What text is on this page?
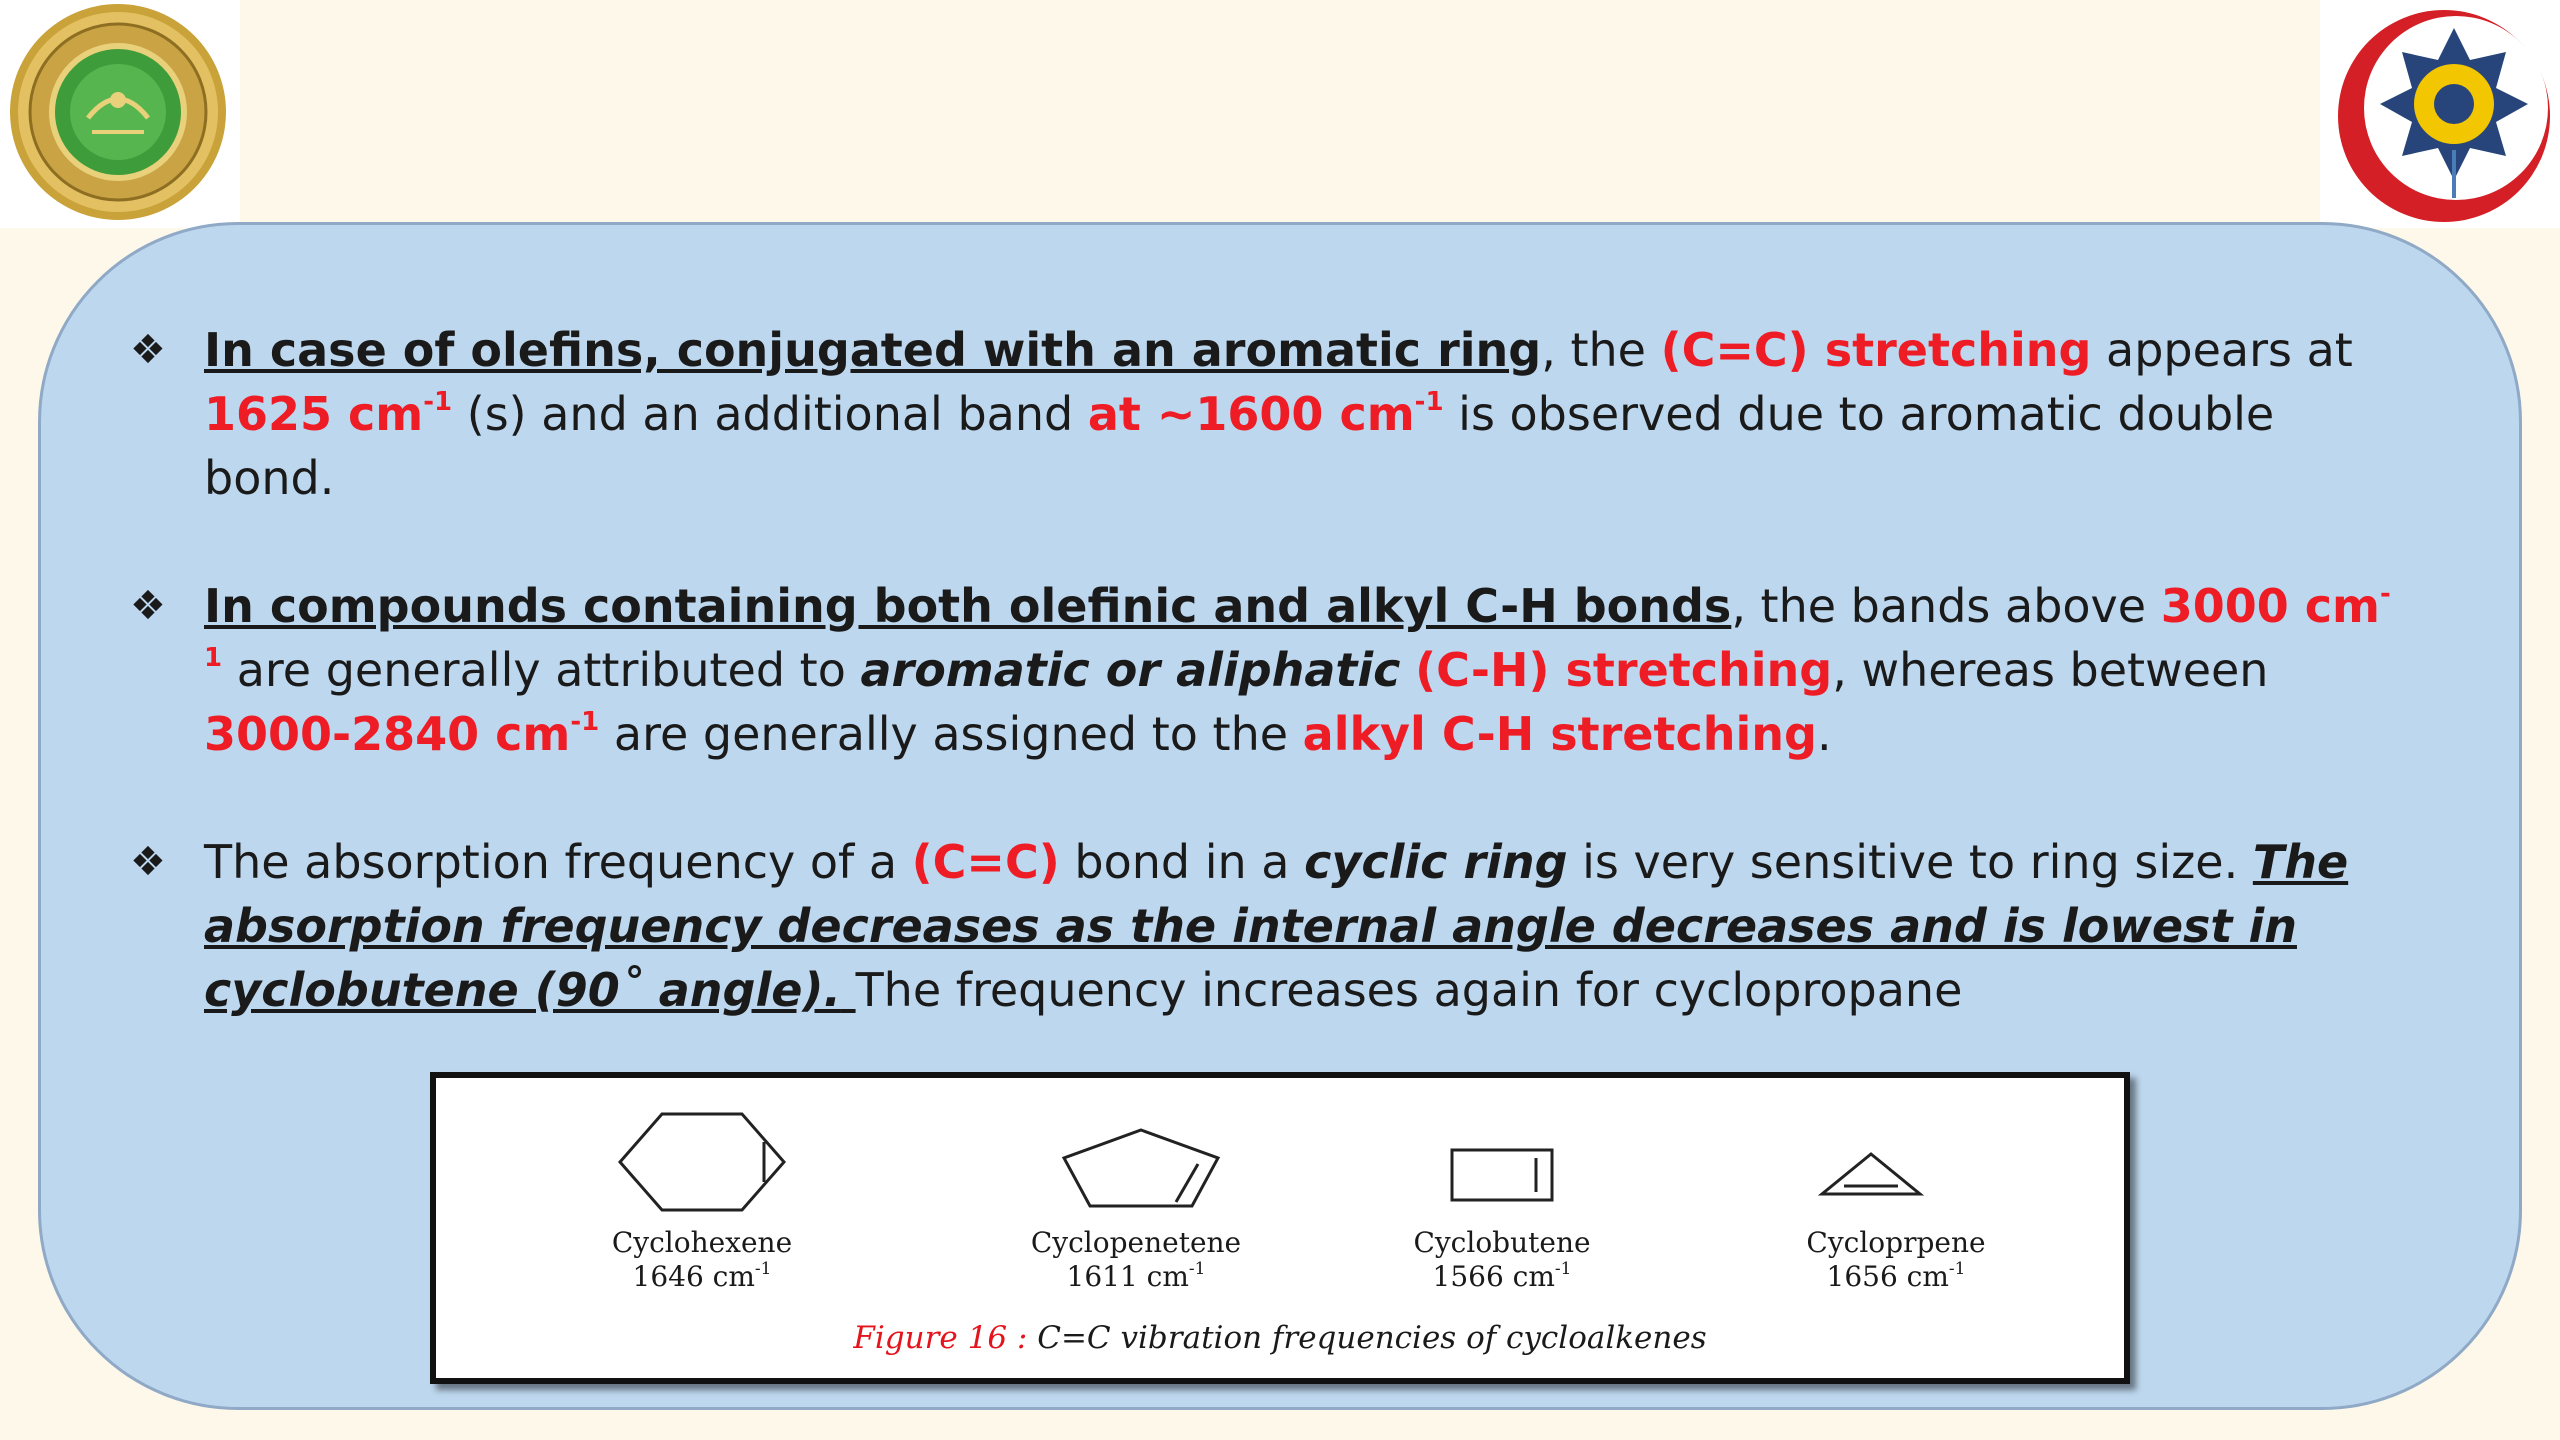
❖ In case of olefins, conjugated with an aromatic ring, the (C=C) stretching appears at 1625 $cm^{-1}$ (s) and an additional band at ~1600 $cm^{-1}$ is observed due to aromatic double bond.
❖ In compounds containing both olefinic and alkyl C-H bonds, the bands above 3000 $cm^{-1}$ are generally attributed to aromatic or aliphatic (C-H) stretching, whereas between 3000-2840 $cm^{-1}$ are generally assigned to the alkyl C-H stretching.
❖ The absorption frequency of a (C=C) bond in a cyclic ring is very sensitive to ring size. The absorption frequency decreases as the internal angle decreases and is lowest in cyclobutene (90˚ angle). The frequency increases again for cyclopropane
Cyclohexene
1646 $cm^{-1}$
Cyclopenetene
1611 $cm^{-1}$
Cyclobutene
1566 $cm^{-1}$
Cycloprpene
1656 $cm^{-1}$
Figure 16 : C=C vibration frequencies of cycloalkenes
